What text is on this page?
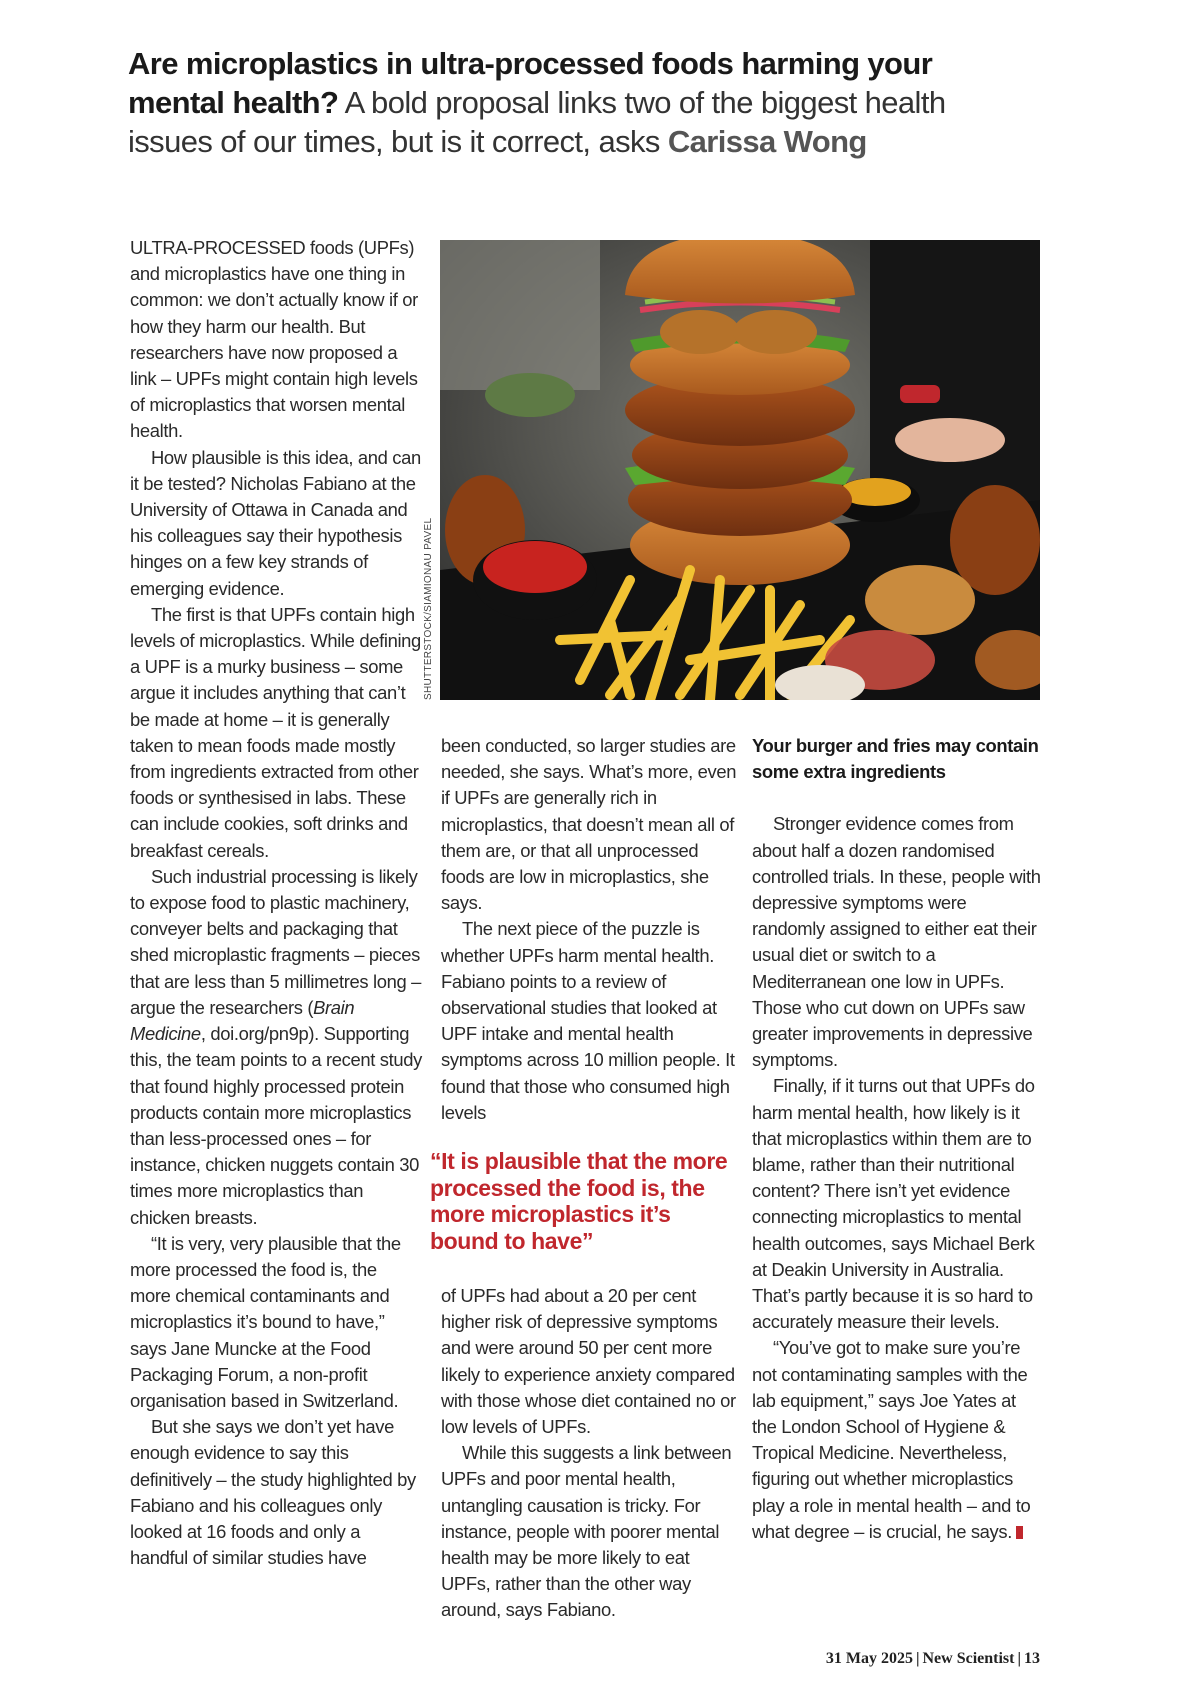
Are microplastics in ultra-processed foods harming your mental health? A bold proposal links two of the biggest health issues of our times, but is it correct, asks Carissa Wong

ULTRA-PROCESSED foods (UPFs) and microplastics have one thing in common: we don’t actually know if or how they harm our health. But researchers have now proposed a link – UPFs might contain high levels of microplastics that worsen mental health.

How plausible is this idea, and can it be tested? Nicholas Fabiano at the University of Ottawa in Canada and his colleagues say their hypothesis hinges on a few key strands of emerging evidence.

The first is that UPFs contain high levels of microplastics. While defining a UPF is a murky business – some argue it includes anything that can’t be made at home – it is generally taken to mean foods made mostly from ingredients extracted from other foods or synthesised in labs. These can include cookies, soft drinks and breakfast cereals.

Such industrial processing is likely to expose food to plastic machinery, conveyer belts and packaging that shed microplastic fragments – pieces that are less than 5 millimetres long – argue the researchers (Brain Medicine, doi.org/pn9p). Supporting this, the team points to a recent study that found highly processed protein products contain more microplastics than less-processed ones – for instance, chicken nuggets contain 30 times more microplastics than chicken breasts.

“It is very, very plausible that the more processed the food is, the more chemical contaminants and microplastics it’s bound to have,” says Jane Muncke at the Food Packaging Forum, a non-profit organisation based in Switzerland.

But she says we don’t yet have enough evidence to say this definitively – the study highlighted by Fabiano and his colleagues only looked at 16 foods and only a handful of similar studies have

SHUTTERSTOCK/SIAMIONAU PAVEL

been conducted, so larger studies are needed, she says. What’s more, even if UPFs are generally rich in microplastics, that doesn’t mean all of them are, or that all unprocessed foods are low in microplastics, she says.

The next piece of the puzzle is whether UPFs harm mental health. Fabiano points to a review of observational studies that looked at UPF intake and mental health symptoms across 10 million people. It found that those who consumed high levels

“It is plausible that the more processed the food is, the more microplastics it’s bound to have”

of UPFs had about a 20 per cent higher risk of depressive symptoms and were around 50 per cent more likely to experience anxiety compared with those whose diet contained no or low levels of UPFs.

While this suggests a link between UPFs and poor mental health, untangling causation is tricky. For instance, people with poorer mental health may be more likely to eat UPFs, rather than the other way around, says Fabiano.

Your burger and fries may contain some extra ingredients

Stronger evidence comes from about half a dozen randomised controlled trials. In these, people with depressive symptoms were randomly assigned to either eat their usual diet or switch to a Mediterranean one low in UPFs. Those who cut down on UPFs saw greater improvements in depressive symptoms.

Finally, if it turns out that UPFs do harm mental health, how likely is it that microplastics within them are to blame, rather than their nutritional content? There isn’t yet evidence connecting microplastics to mental health outcomes, says Michael Berk at Deakin University in Australia. That’s partly because it is so hard to accurately measure their levels.

“You’ve got to make sure you’re not contaminating samples with the lab equipment,” says Joe Yates at the London School of Hygiene & Tropical Medicine. Nevertheless, figuring out whether microplastics play a role in mental health – and to what degree – is crucial, he says.

31 May 2025 | New Scientist | 13
